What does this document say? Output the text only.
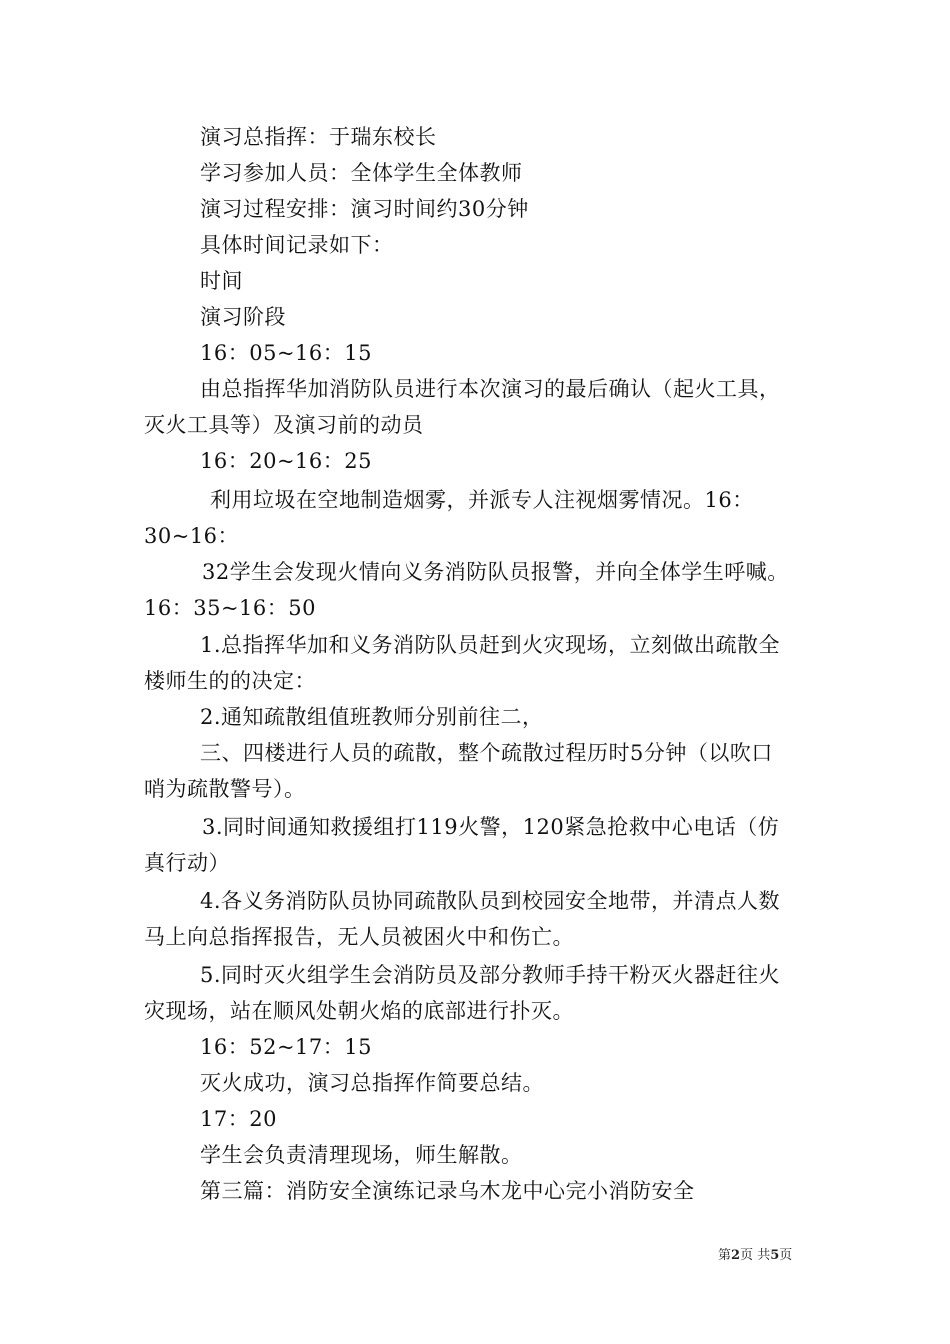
演习总指挥：于瑞东校长
学习参加人员：全体学生全体教师
演习过程安排：演习时间约30分钟
具体时间记录如下：
时间
演习阶段
16：05~16：15
由总指挥华加消防队员进行本次演习的最后确认（起火工具，
灭火工具等）及演习前的动员
16：20~16：25
利用垃圾在空地制造烟雾，并派专人注视烟雾情况。16：
30~16：
32学生会发现火情向义务消防队员报警，并向全体学生呼喊。
16：35~16：50
1.总指挥华加和义务消防队员赶到火灾现场，立刻做出疏散全
楼师生的的决定：
2.通知疏散组值班教师分别前往二，
三、四楼进行人员的疏散，整个疏散过程历时5分钟（以吹口
哨为疏散警号）。
3.同时间通知救援组打119火警，120紧急抢救中心电话（仿
真行动）
4.各义务消防队员协同疏散队员到校园安全地带，并清点人数
马上向总指挥报告，无人员被困火中和伤亡。
5.同时灭火组学生会消防员及部分教师手持干粉灭火器赶往火
灾现场，站在顺风处朝火焰的底部进行扑灭。
16：52~17：15
灭火成功，演习总指挥作简要总结。
17：20
学生会负责清理现场，师生解散。
第三篇：消防安全演练记录乌木龙中心完小消防安全
第2页 共5页
